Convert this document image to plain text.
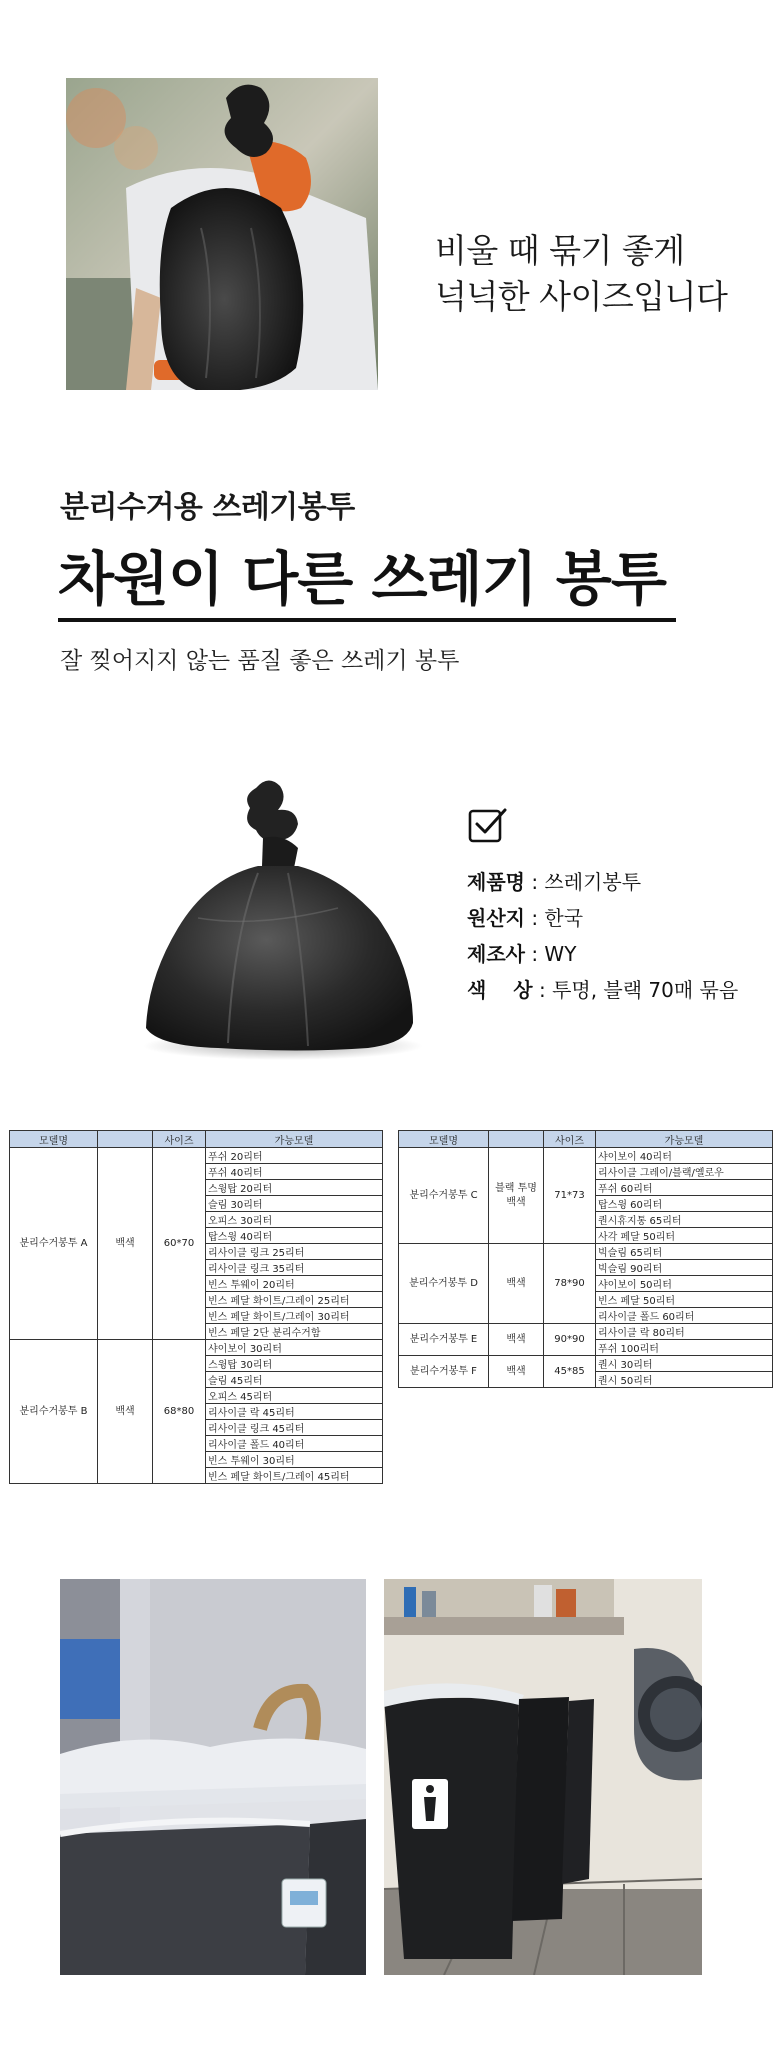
비울 때 묶기 좋게
넉넉한 사이즈입니다
분리수거용 쓰레기봉투
차원이 다른 쓰레기 봉투
잘 찢어지지 않는 품질 좋은 쓰레기 봉투
제품명 : 쓰레기봉투
원산지 : 한국
제조사 : WY
색　 상 : 투명, 블랙 70매 묶음
모델명		사이즈	가능모델
분리수거봉투 A	백색	60*70	푸쉬 20리터
			푸쉬 40리터
			스윙탑 20리터
			슬림 30리터
			오피스 30리터
			탑스윙 40리터
			리사이클 링크 25리터
			리사이클 링크 35리터
			빈스 투웨이 20리터
			빈스 페달 화이트/그레이 25리터
			빈스 페달 화이트/그레이 30리터
			빈스 페달 2단 분리수거함
분리수거봉투 B	백색	68*80	샤이보이 30리터
			스윙탑 30리터
			슬림 45리터
			오피스 45리터
			리사이클 락 45리터
			리사이클 링크 45리터
			리사이클 폴드 40리터
			빈스 투웨이 30리터
			빈스 페달 화이트/그레이 45리터
모델명		사이즈	가능모델
분리수거봉투 C	블랙 투명 백색	71*73	샤이보이 40리터
			리사이클 그레이/블랙/옐로우
			푸쉬 60리터
			탑스윙 60리터
			퀀시휴지통 65리터
			사각 페달 50리터
분리수거봉투 D	백색	78*90	빅슬림 65리터
			빅슬림 90리터
			샤이보이 50리터
			빈스 페달 50리터
			리사이클 폴드 60리터
분리수거봉투 E	백색	90*90	리사이클 락 80리터
			푸쉬 100리터
분리수거봉투 F	백색	45*85	퀀시 30리터
			퀀시 50리터
